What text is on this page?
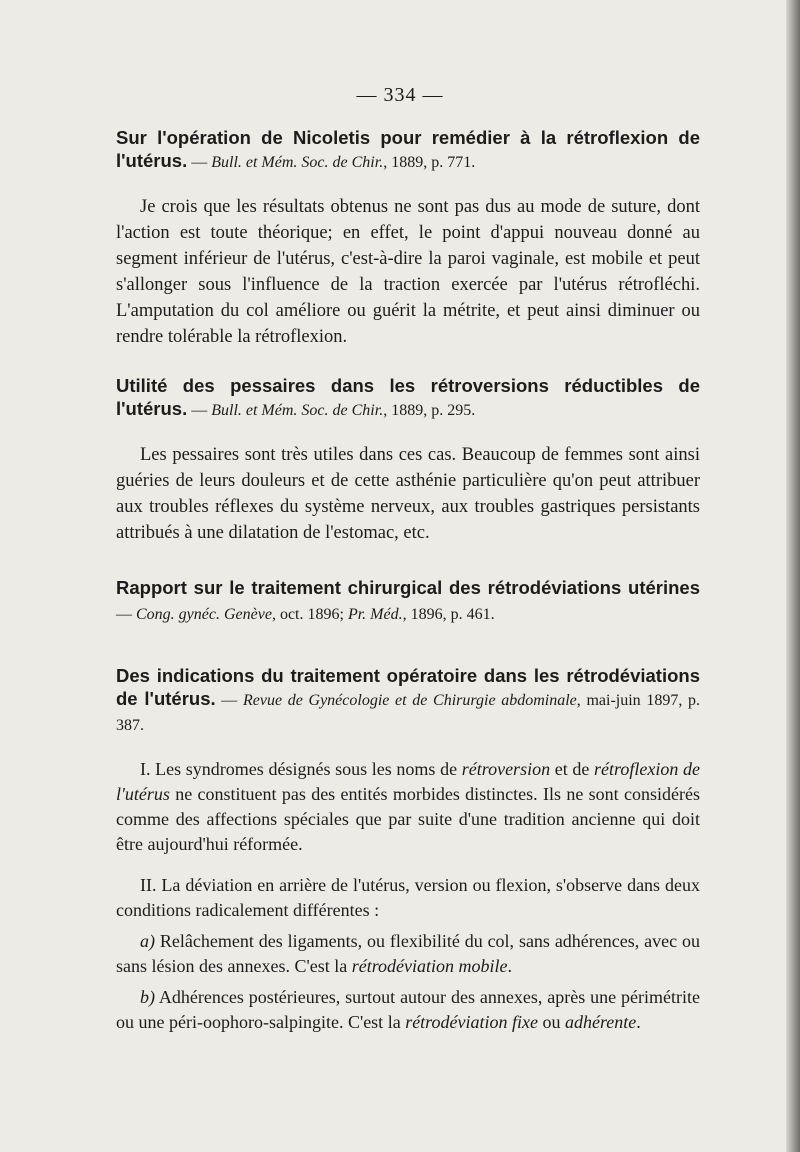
— 334 —
Sur l'opération de Nicoletis pour remédier à la rétroflexion de l'utérus. — Bull. et Mém. Soc. de Chir., 1889, p. 771.
Je crois que les résultats obtenus ne sont pas dus au mode de suture, dont l'action est toute théorique; en effet, le point d'appui nouveau donné au segment inférieur de l'utérus, c'est-à-dire la paroi vaginale, est mobile et peut s'allonger sous l'influence de la traction exercée par l'utérus rétrofléchi. L'amputation du col améliore ou guérit la métrite, et peut ainsi diminuer ou rendre tolérable la rétroflexion.
Utilité des pessaires dans les rétroversions réductibles de l'utérus. — Bull. et Mém. Soc. de Chir., 1889, p. 295.
Les pessaires sont très utiles dans ces cas. Beaucoup de femmes sont ainsi guéries de leurs douleurs et de cette asthénie particulière qu'on peut attribuer aux troubles réflexes du système nerveux, aux troubles gastriques persistants attribués à une dilatation de l'estomac, etc.
Rapport sur le traitement chirurgical des rétrodéviations utérines — Cong. gynéc. Genève, oct. 1896; Pr. Méd., 1896, p. 461.
Des indications du traitement opératoire dans les rétrodéviations de l'utérus. — Revue de Gynécologie et de Chirurgie abdominale, mai-juin 1897, p. 387.
I. Les syndromes désignés sous les noms de rétroversion et de rétroflexion de l'utérus ne constituent pas des entités morbides distinctes. Ils ne sont considérés comme des affections spéciales que par suite d'une tradition ancienne qui doit être aujourd'hui réformée.
II. La déviation en arrière de l'utérus, version ou flexion, s'observe dans deux conditions radicalement différentes :
a) Relâchement des ligaments, ou flexibilité du col, sans adhérences, avec ou sans lésion des annexes. C'est la rétrodéviation mobile.
b) Adhérences postérieures, surtout autour des annexes, après une périmétrite ou une péri-oophoro-salpingite. C'est la rétrodéviation fixe ou adhérente.
